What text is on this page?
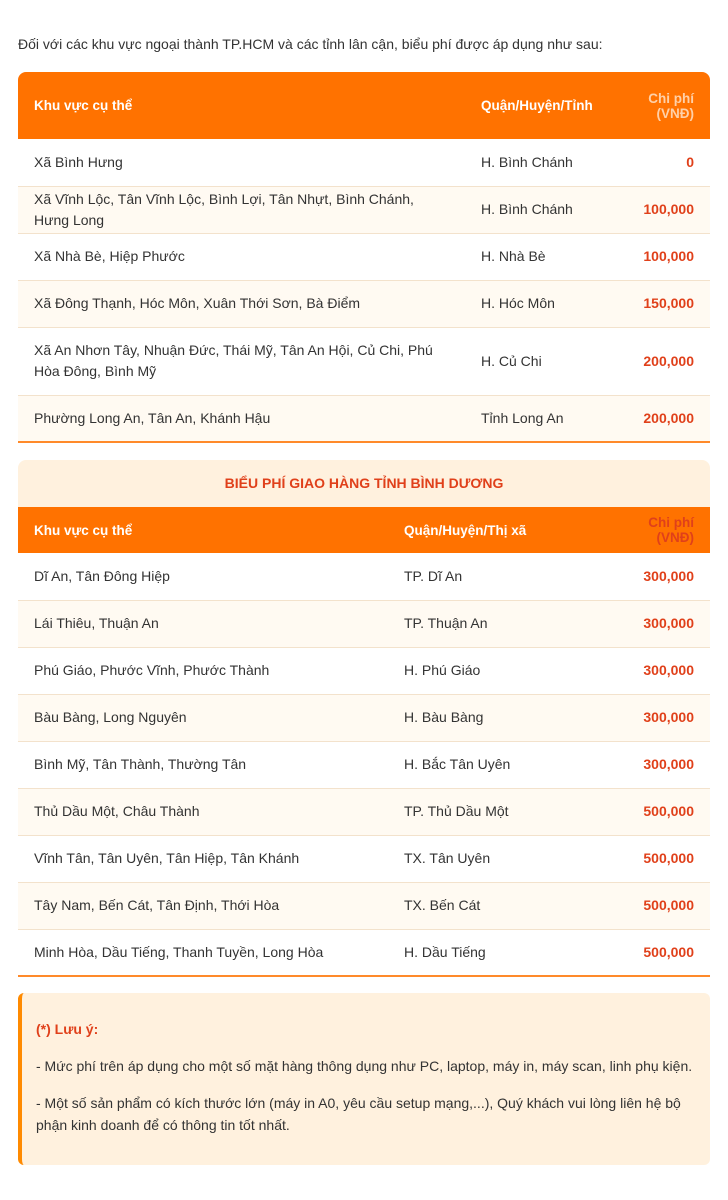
Đối với các khu vực ngoại thành TP.HCM và các tỉnh lân cận, biểu phí được áp dụng như sau:

Khu vực cụ thể	Quận/Huyện/Tỉnh	Chi phí (VNĐ)
Xã Bình Hưng	H. Bình Chánh	0
Xã Vĩnh Lộc, Tân Vĩnh Lộc, Bình Lợi, Tân Nhựt, Bình Chánh, Hưng Long	H. Bình Chánh	100,000
Xã Nhà Bè, Hiệp Phước	H. Nhà Bè	100,000
Xã Đông Thạnh, Hóc Môn, Xuân Thới Sơn, Bà Điểm	H. Hóc Môn	150,000
Xã An Nhơn Tây, Nhuận Đức, Thái Mỹ, Tân An Hội, Củ Chi, Phú Hòa Đông, Bình Mỹ	H. Củ Chi	200,000
Phường Long An, Tân An, Khánh Hậu	Tỉnh Long An	200,000
BIỂU PHÍ GIAO HÀNG TỈNH BÌNH DƯƠNG
Khu vực cụ thể	Quận/Huyện/Thị xã	Chi phí (VNĐ)
Dĩ An, Tân Đông Hiệp	TP. Dĩ An	300,000
Lái Thiêu, Thuận An	TP. Thuận An	300,000
Phú Giáo, Phước Vĩnh, Phước Thành	H. Phú Giáo	300,000
Bàu Bàng, Long Nguyên	H. Bàu Bàng	300,000
Bình Mỹ, Tân Thành, Thường Tân	H. Bắc Tân Uyên	300,000
Thủ Dầu Một, Châu Thành	TP. Thủ Dầu Một	500,000
Vĩnh Tân, Tân Uyên, Tân Hiệp, Tân Khánh	TX. Tân Uyên	500,000
Tây Nam, Bến Cát, Tân Định, Thới Hòa	TX. Bến Cát	500,000
Minh Hòa, Dầu Tiếng, Thanh Tuyền, Long Hòa	H. Dầu Tiếng	500,000
(*) Lưu ý:

- Mức phí trên áp dụng cho một số mặt hàng thông dụng như PC, laptop, máy in, máy scan, linh phụ kiện.

- Một số sản phẩm có kích thước lớn (máy in A0, yêu cầu setup mạng,...), Quý khách vui lòng liên hệ bộ phận kinh doanh để có thông tin tốt nhất.
